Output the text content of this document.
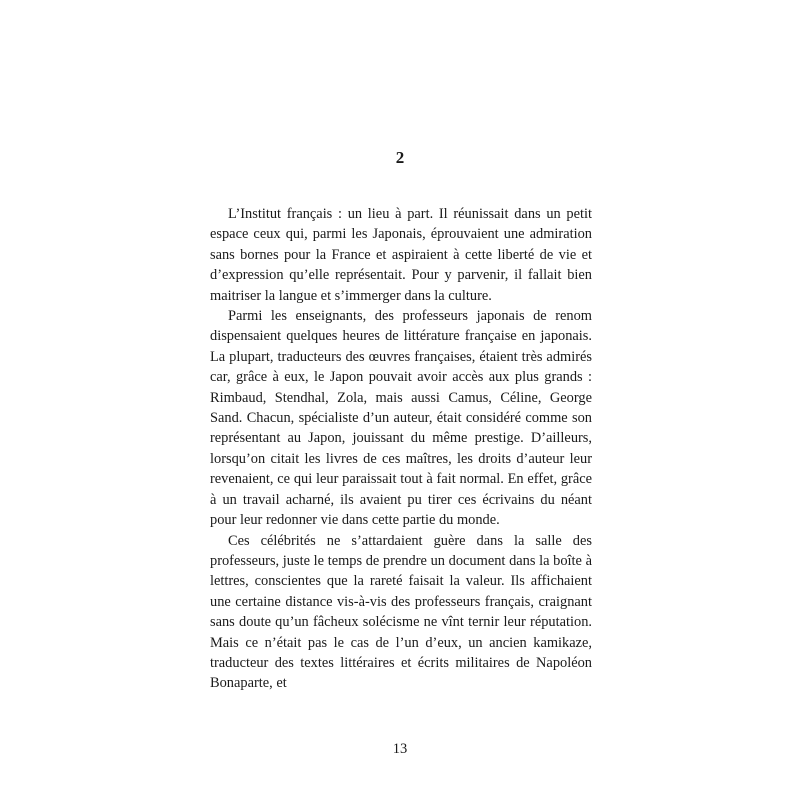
2

L’Institut français : un lieu à part. Il réunissait dans un petit espace ceux qui, parmi les Japonais, éprouvaient une admiration sans bornes pour la France et aspiraient à cette liberté de vie et d’expression qu’elle représentait. Pour y parvenir, il fallait bien maitriser la langue et s’immerger dans la culture.

Parmi les enseignants, des professeurs japonais de renom dispensaient quelques heures de littérature française en japonais. La plupart, traducteurs des œuvres françaises, étaient très admirés car, grâce à eux, le Japon pouvait avoir accès aux plus grands : Rimbaud, Stendhal, Zola, mais aussi Camus, Céline, George Sand. Chacun, spécialiste d’un auteur, était considéré comme son représentant au Japon, jouissant du même prestige. D’ailleurs, lorsqu’on citait les livres de ces maîtres, les droits d’auteur leur revenaient, ce qui leur paraissait tout à fait normal. En effet, grâce à un travail acharné, ils avaient pu tirer ces écrivains du néant pour leur redonner vie dans cette partie du monde.

Ces célébrités ne s’attardaient guère dans la salle des professeurs, juste le temps de prendre un document dans la boîte à lettres, conscientes que la rareté faisait la valeur. Ils affichaient une certaine distance vis-à-vis des professeurs français, craignant sans doute qu’un fâcheux solécisme ne vînt ternir leur réputation. Mais ce n’était pas le cas de l’un d’eux, un ancien kamikaze, traducteur des textes littéraires et écrits militaires de Napoléon Bonaparte, et

13
